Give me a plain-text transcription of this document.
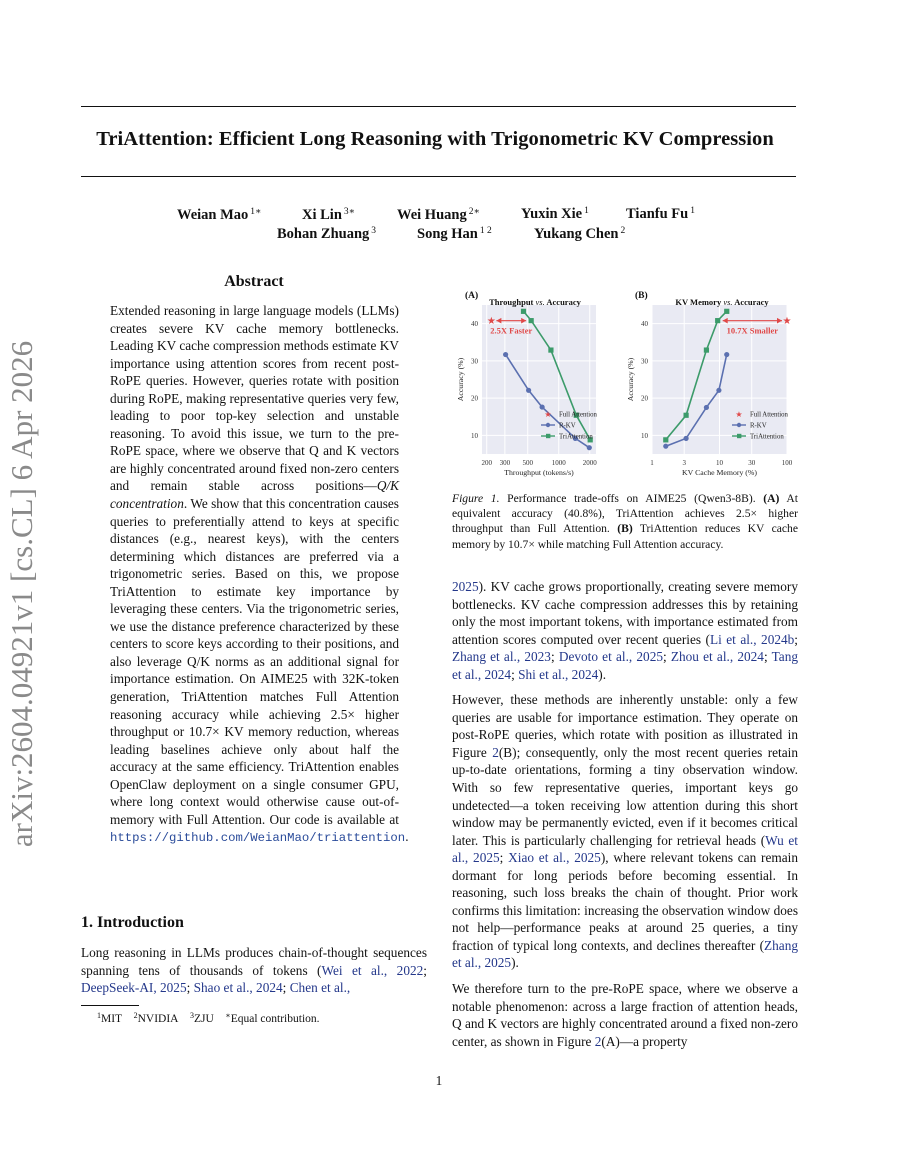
TriAttention: Efficient Long Reasoning with Trigonometric KV Compression
Weian Mao $^{1∗}$	Xi Lin $^{3∗}$	Wei Huang $^{2∗}$	Yuxin Xie $^1$	Tianfu Fu $^1$
Bohan Zhuang $^3$	Song Han $^{1 2}$	Yukang Chen $^2$
arXiv:2604.04921v1 [cs.CL] 6 Apr 2026
Abstract
Extended reasoning in large language models (LLMs) creates severe KV cache memory bottlenecks. Leading KV cache compression methods estimate KV importance using attention scores from recent post-RoPE queries. However, queries rotate with position during RoPE, making representative queries very few, leading to poor top-key selection and unstable reasoning. To avoid this issue, we turn to the pre-RoPE space, where we observe that Q and K vectors are highly concentrated around fixed non-zero centers and remain stable across positions—Q/K concentration. We show that this concentration causes queries to preferentially attend to keys at specific distances (e.g., nearest keys), with the centers determining which distances are preferred via a trigonometric series. Based on this, we propose TriAttention to estimate key importance by leveraging these centers. Via the trigonometric series, we use the distance preference characterized by these centers to score keys according to their positions, and also leverage Q/K norms as an additional signal for importance estimation. On AIME25 with 32K-token generation, TriAttention matches Full Attention reasoning accuracy while achieving 2.5× higher throughput or 10.7× KV memory reduction, whereas leading baselines achieve only about half the accuracy at the same efficiency. TriAttention enables OpenClaw deployment on a single consumer GPU, where long context would otherwise cause out-of-memory with Full Attention. Our code is available at https://github.com/WeianMao/triattention.
1. Introduction
Long reasoning in LLMs produces chain-of-thought sequences spanning tens of thousands of tokens (Wei et al., 2022; DeepSeek-AI, 2025; Shao et al., 2024; Chen et al.,
$^1$MIT $^2$NVIDIA $^3$ZJU ∗Equal contribution.
1
10
20
30
40
200 300 500	1000 2000
(A)
Throughput vs. Accuracy
Throughput (tokens/s)
Accuracy (%)
2.5X Faster
★
★ Full Attention
R-KV
TriAttention	10
20
30
40
1	3	10	30	100
(B)
KV Memory vs. Accuracy
KV Cache Memory (%)
Accuracy (%)
10.7X Smaller
★
★ Full Attention
R-KV
TriAttention
Figure 1. Performance trade-offs on AIME25 (Qwen3-8B). (A) At equivalent accuracy (40.8%), TriAttention achieves 2.5× higher throughput than Full Attention. (B) TriAttention reduces KV cache memory by 10.7× while matching Full Attention accuracy.

2025). KV cache grows proportionally, creating severe memory bottlenecks. KV cache compression addresses this by retaining only the most important tokens, with importance estimated from attention scores computed over recent queries (Li et al., 2024b; Zhang et al., 2023; Devoto et al., 2025; Zhou et al., 2024; Tang et al., 2024; Shi et al., 2024).

However, these methods are inherently unstable: only a few queries are usable for importance estimation. They operate on post-RoPE queries, which rotate with position as illustrated in Figure 2(B); consequently, only the most recent queries retain up-to-date orientations, forming a tiny observation window. With so few representative queries, important keys go undetected—a token receiving low attention during this short window may be permanently evicted, even if it becomes critical later. This is particularly challenging for retrieval heads (Wu et al., 2025; Xiao et al., 2025), where relevant tokens can remain dormant for long periods before becoming essential. In reasoning, such loss breaks the chain of thought. Prior work confirms this limitation: increasing the observation window does not help—performance peaks at around 25 queries, a tiny fraction of typical long contexts, and declines thereafter (Zhang et al., 2025).

We therefore turn to the pre-RoPE space, where we observe a notable phenomenon: across a large fraction of attention heads, Q and K vectors are highly concentrated around a fixed non-zero center, as shown in Figure 2(A)—a property
